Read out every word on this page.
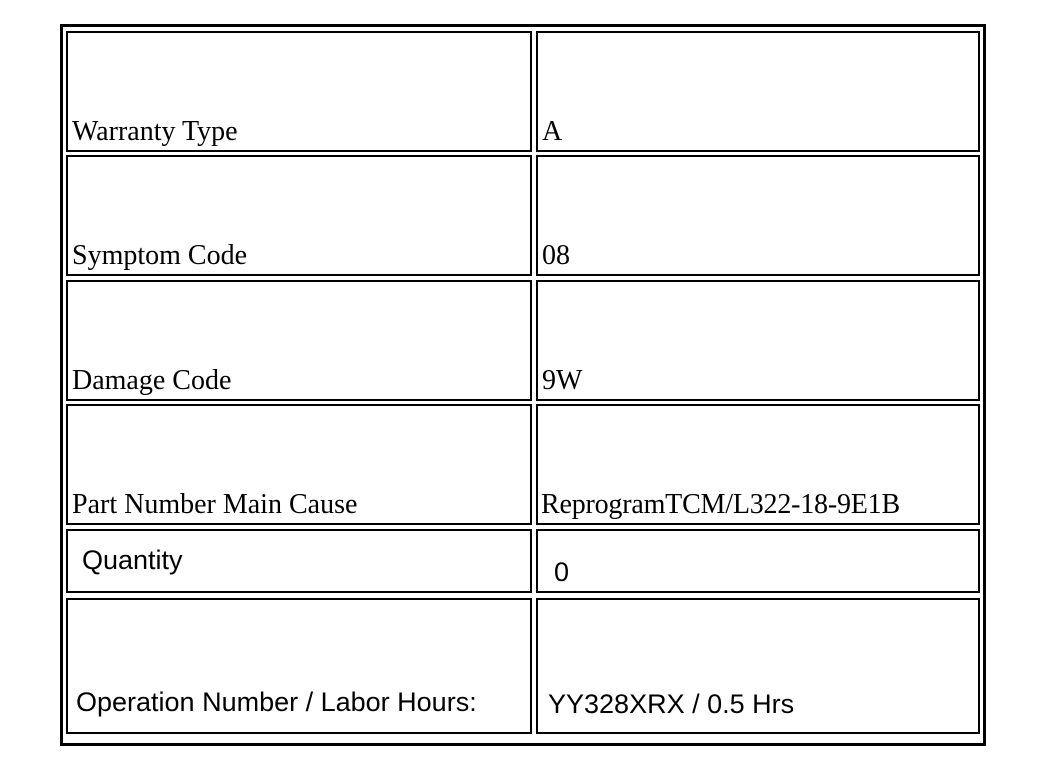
Warranty Type	A
Symptom Code	08
Damage Code	9W
Part Number Main Cause	ReprogramTCM/L322-18-9E1B
Quantity	0
Operation Number / Labor Hours:	YY328XRX / 0.5 Hrs
